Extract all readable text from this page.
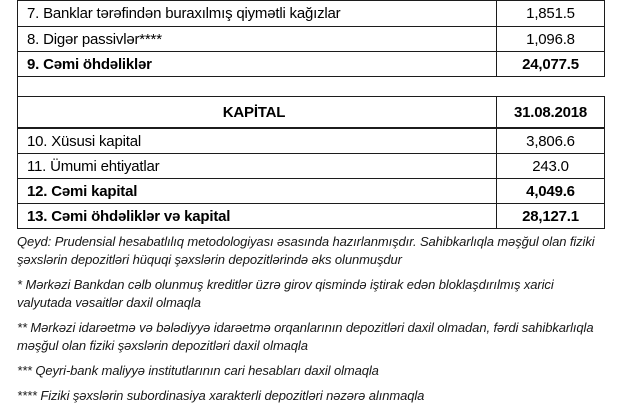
7. Banklar tərəfindən buraxılmış qiymətli kağızlar	1,851.5
8. Digər passivlər****	1,096.8
9. Cəmi öhdəliklər	24,077.5
KAPİTAL	31.08.2018
10. Xüsusi kapital	3,806.6
11. Ümumi ehtiyatlar	243.0
12. Cəmi kapital	4,049.6
13. Cəmi öhdəliklər və kapital	28,127.1

Qeyd: Prudensial hesabatlılıq metodologiyası əsasında hazırlanmışdır. Sahibkarlıqla məşğul olan fiziki şəxslərin depozitləri hüquqi şəxslərin depozitlərində əks olunmuşdur

* Mərkəzi Bankdan cəlb olunmuş kreditlər üzrə girov qismində iştirak edən bloklaşdırılmış xarici valyutada vəsaitlər daxil olmaqla

** Mərkəzi idarəetmə və bələdiyyə idarəetmə orqanlarının depozitləri daxil olmadan, fərdi sahibkarlıqla məşğul olan fiziki şəxslərin depozitləri daxil olmaqla

*** Qeyri-bank maliyyə institutlarının cari hesabları daxil olmaqla

**** Fiziki şəxslərin subordinasiya xarakterli depozitləri nəzərə alınmaqla
